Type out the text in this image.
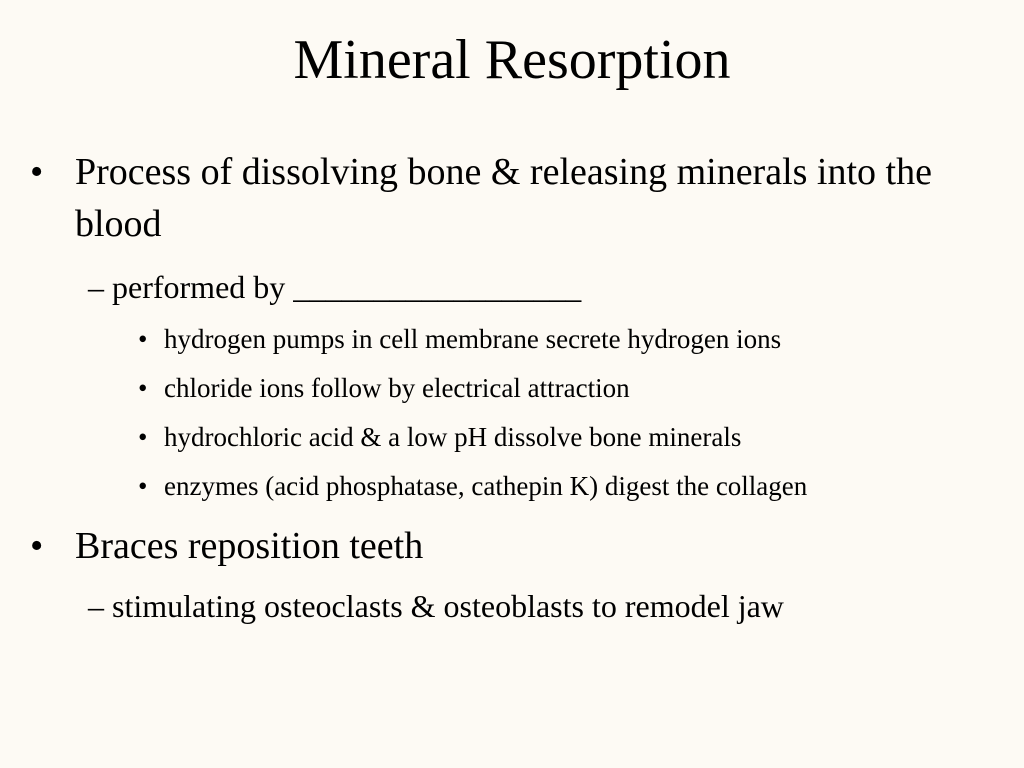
Mineral Resorption
• Process of dissolving bone & releasing minerals into the blood
– performed by __________________
• hydrogen pumps in cell membrane secrete hydrogen ions
• chloride ions follow by electrical attraction
• hydrochloric acid & a low pH dissolve bone minerals
• enzymes (acid phosphatase, cathepin K) digest the collagen
• Braces reposition teeth
– stimulating osteoclasts & osteoblasts to remodel jaw
